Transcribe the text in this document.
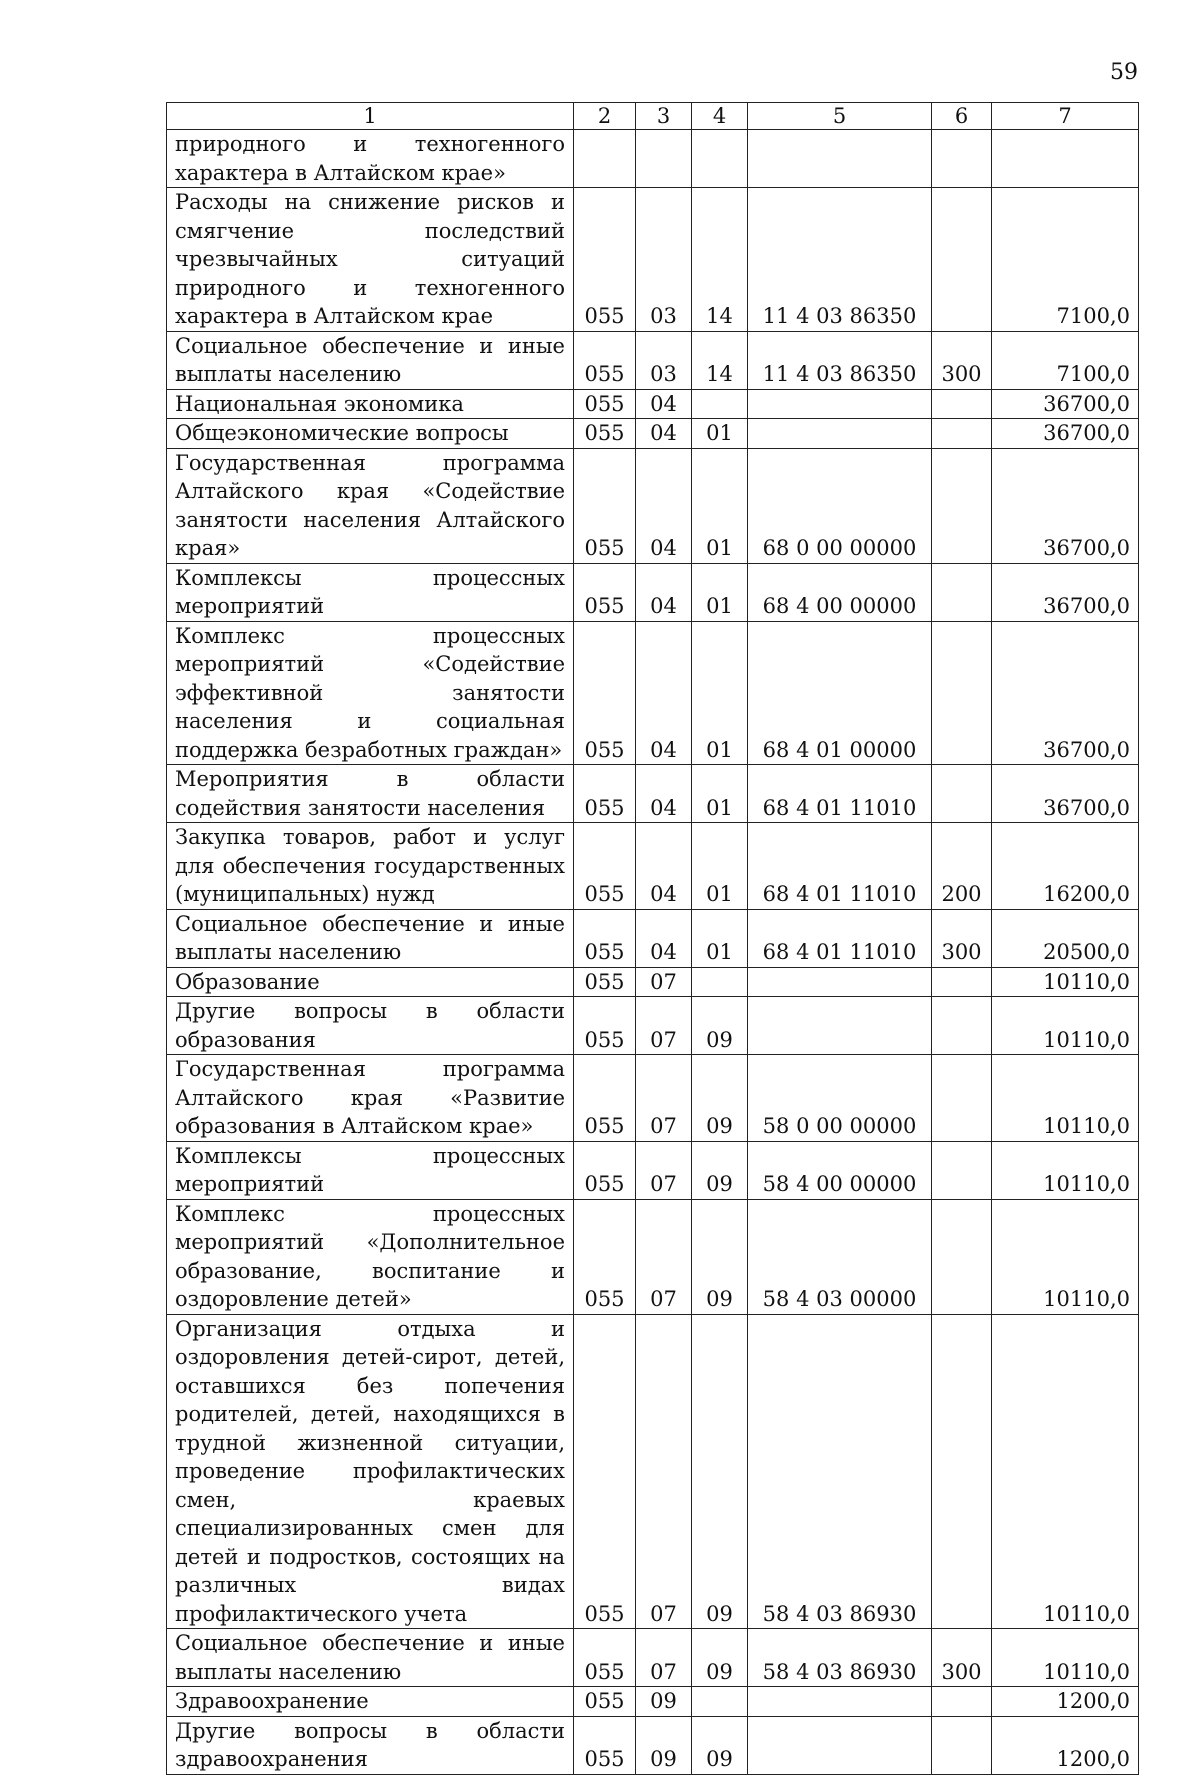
59
1	2	3	4	5	6	7
природного и техногенного характера в Алтайском крае»						
Расходы на снижение рисков и смягчение последствий чрезвычайных ситуаций природного и техногенного характера в Алтайском крае	055	03	14	11 4 03 86350		7100,0
Социальное обеспечение и иные выплаты населению	055	03	14	11 4 03 86350	300	7100,0
Национальная экономика	055	04				36700,0
Общеэкономические вопросы	055	04	01			36700,0
Государственная программа Алтайского края «Содействие занятости населения Алтайского края»	055	04	01	68 0 00 00000		36700,0
Комплексы процессных мероприятий	055	04	01	68 4 00 00000		36700,0
Комплекс процессных мероприятий «Содействие эффективной занятости населения и социальная поддержка безработных граждан»	055	04	01	68 4 01 00000		36700,0
Мероприятия в области содействия занятости населения	055	04	01	68 4 01 11010		36700,0
Закупка товаров, работ и услуг для обеспечения государственных (муниципальных) нужд	055	04	01	68 4 01 11010	200	16200,0
Социальное обеспечение и иные выплаты населению	055	04	01	68 4 01 11010	300	20500,0
Образование	055	07				10110,0
Другие вопросы в области образования	055	07	09			10110,0
Государственная программа Алтайского края «Развитие образования в Алтайском крае»	055	07	09	58 0 00 00000		10110,0
Комплексы процессных мероприятий	055	07	09	58 4 00 00000		10110,0
Комплекс процессных мероприятий «Дополнительное образование, воспитание и оздоровление детей»	055	07	09	58 4 03 00000		10110,0
Организация отдыха и оздоровления детей-сирот, детей, оставшихся без попечения родителей, детей, находящихся в трудной жизненной ситуации, проведение профилактических смен, краевых специализированных смен для детей и подростков, состоящих на различных видах профилактического учета	055	07	09	58 4 03 86930		10110,0
Социальное обеспечение и иные выплаты населению	055	07	09	58 4 03 86930	300	10110,0
Здравоохранение	055	09				1200,0
Другие вопросы в области здравоохранения	055	09	09			1200,0
